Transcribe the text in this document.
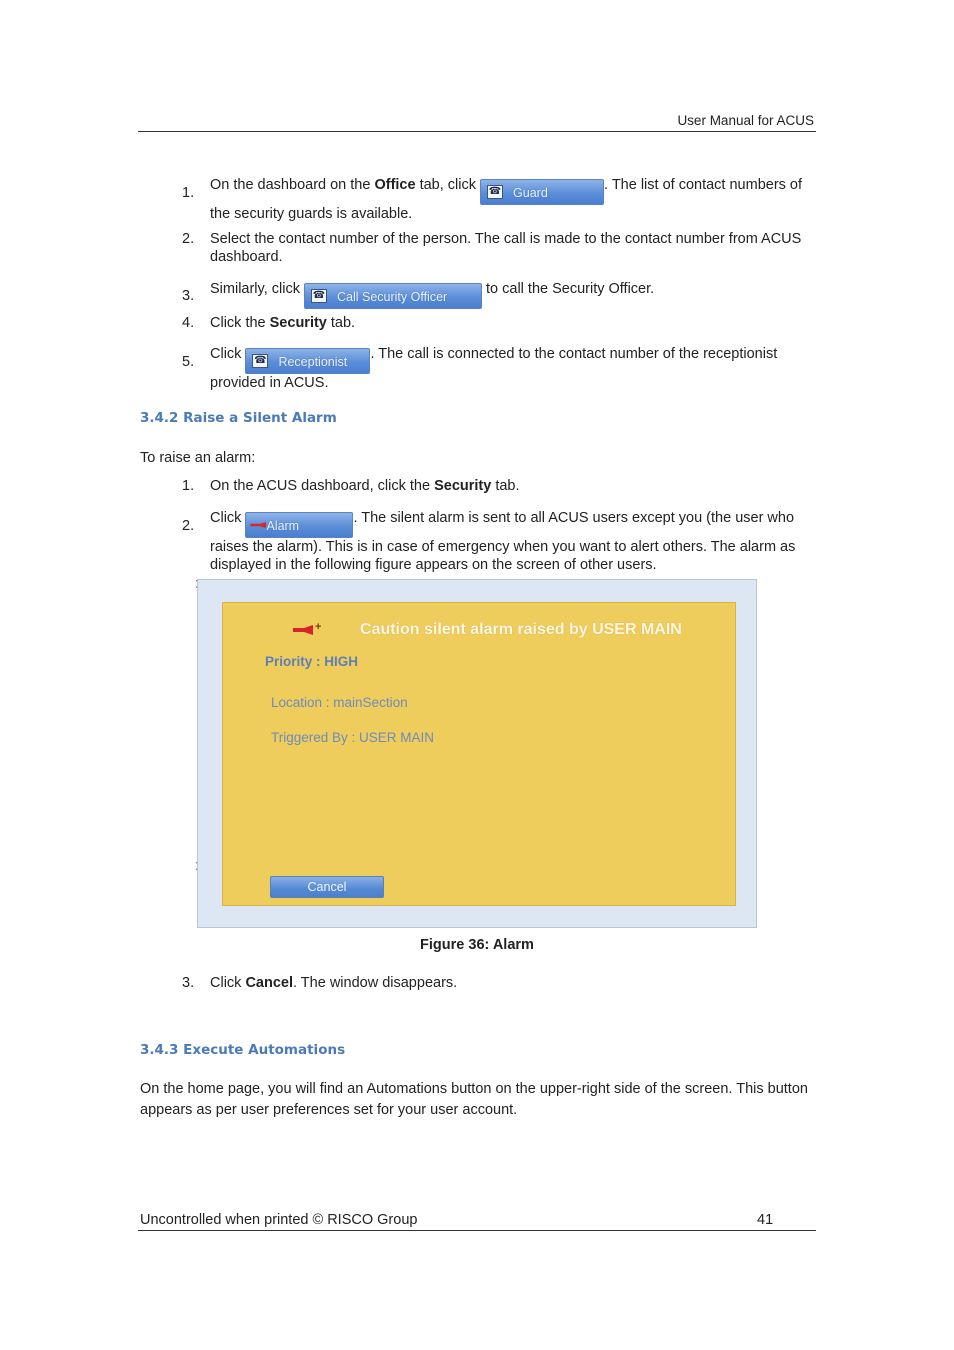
User Manual for ACUS
1. On the dashboard on the Office tab, click ☎ Guard	. The list of contact numbers of the security guards is available.
2. Select the contact number of the person. The call is made to the contact number from ACUS dashboard.
3. Similarly, click ☎ Call Security Officer to call the Security Officer.
4. Click the Security tab.
5. Click ☎ Receptionist . The call is connected to the contact number of the receptionist provided in ACUS.
3.4.2 Raise a Silent Alarm
To raise an alarm:
1. On the ACUS dashboard, click the Security tab.
2. Click
Alarm	. The silent alarm is sent to all ACUS users except you (the user who raises the alarm). This is in case of emergency when you want to alert others. The alarm as displayed in the following figure appears on the screen of other users.
⁚
⁚
+ Caution silent alarm raised by USER MAIN
Priority : HIGH
Location : mainSection
Triggered By : USER MAIN
Cancel
Figure 36: Alarm
3. Click Cancel. The window disappears.
3.4.3 Execute Automations
On the home page, you will find an Automations button on the upper-right side of the screen. This button appears as per user preferences set for your user account.
Uncontrolled when printed © RISCO Group	41
